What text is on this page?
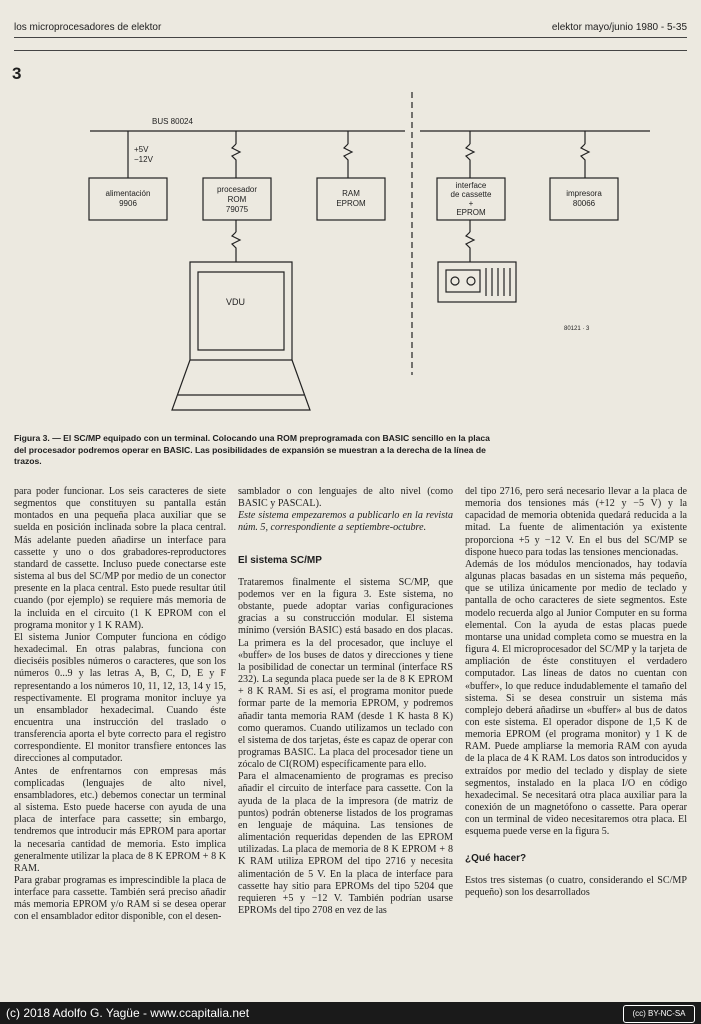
los microprocesadores de elektor	elektor mayo/junio 1980 - 5-35
3
BUS 80024
+5V
−12V
alimentación
9906
procesador
ROM
79075
RAM
EPROM
interface
de cassette
+
EPROM
impresora
80066
VDU
80121 · 3
Figura 3. — El SC/MP equipado con un terminal. Colocando una ROM preprogramada con BASIC sencillo en la placa del procesador podremos operar en BASIC. Las posibilidades de expansión se muestran a la derecha de la línea de trazos.

para poder funcionar. Los seis caracteres de siete segmentos que constituyen su pantalla están montados en una pequeña placa auxiliar que se suelda en posición inclinada sobre la placa central. Más adelante pueden añadirse un interface para cassette y uno o dos grabadores-reproductores standard de cassette. Incluso puede conectarse este sistema al bus del SC/MP por medio de un conector presente en la placa central. Esto puede resultar útil cuando (por ejemplo) se requiere más memoria de la incluida en el circuito (1 K EPROM con el programa monitor y 1 K RAM).

El sistema Junior Computer funciona en código hexadecimal. En otras palabras, funciona con dieciséis posibles números o caracteres, que son los números 0...9 y las letras A, B, C, D, E y F representando a los números 10, 11, 12, 13, 14 y 15, respectivamente. El programa monitor incluye ya un ensamblador hexadecimal. Cuando éste encuentra una instrucción del traslado o transferencia aporta el byte correcto para el registro correspondiente. El monitor transfiere entonces las direcciones al computador.

Antes de enfrentarnos con empresas más complicadas (lenguajes de alto nivel, ensambladores, etc.) debemos conectar un terminal al sistema. Esto puede hacerse con ayuda de una placa de interface para cassette; sin embargo, tendremos que introducir más EPROM para aportar la necesaria cantidad de memoria. Esto implica generalmente utilizar la placa de 8 K EPROM + 8 K RAM.

Para grabar programas es imprescindible la placa de interface para cassette. También será preciso añadir más memoria EPROM y/o RAM si se desea operar con el ensamblador editor disponible, con el desen-

samblador o con lenguajes de alto nivel (como BASIC y PASCAL).

Este sistema empezaremos a publicarlo en la revista núm. 5, correspondiente a septiembre-octubre.

El sistema SC/MP

Trataremos finalmente el sistema SC/MP, que podemos ver en la figura 3. Este sistema, no obstante, puede adoptar varias configuraciones gracias a su construcción modular. El sistema mínimo (versión BASIC) está basado en dos placas. La primera es la del procesador, que incluye el «buffer» de los buses de datos y direcciones y tiene la posibilidad de conectar un terminal (interface RS 232). La segunda placa puede ser la de 8 K EPROM + 8 K RAM. Si es así, el programa monitor puede formar parte de la memoria EPROM, y podremos añadir tanta memoria RAM (desde 1 K hasta 8 K) como queramos. Cuando utilizamos un teclado con el sistema de dos tarjetas, éste es capaz de operar con programas BASIC. La placa del procesador tiene un zócalo de CI(ROM) específicamente para ello.

Para el almacenamiento de programas es preciso añadir el circuito de interface para cassette. Con la ayuda de la placa de la impresora (de matriz de puntos) podrán obtenerse listados de los programas en lenguaje de máquina. Las tensiones de alimentación requeridas dependen de las EPROM utilizadas. La placa de memoria de 8 K EPROM + 8 K RAM utiliza EPROM del tipo 2716 y necesita alimentación de 5 V. En la placa de interface para cassette hay sitio para EPROMs del tipo 5204 que requieren +5 y −12 V. También podrían usarse EPROMs del tipo 2708 en vez de las

del tipo 2716, pero será necesario llevar a la placa de memoria dos tensiones más (+12 y −5 V) y la capacidad de memoria obtenida quedará reducida a la mitad. La fuente de alimentación ya existente proporciona +5 y −12 V. En el bus del SC/MP se dispone hueco para todas las tensiones mencionadas.

Además de los módulos mencionados, hay todavía algunas placas basadas en un sistema más pequeño, que se utiliza únicamente por medio de teclado y pantalla de ocho caracteres de siete segmentos. Este modelo recuerda algo al Junior Computer en su forma elemental. Con la ayuda de estas placas puede montarse una unidad completa como se muestra en la figura 4. El microprocesador del SC/MP y la tarjeta de ampliación de éste constituyen el verdadero computador. Las líneas de datos no cuentan con «buffer», lo que reduce indudablemente el tamaño del sistema. Si se desea construir un sistema más complejo deberá añadirse un «buffer» al bus de datos con este sistema. El operador dispone de 1,5 K de memoria EPROM (el programa monitor) y 1 K de RAM. Puede ampliarse la memoria RAM con ayuda de la placa de 4 K RAM. Los datos son introducidos y extraídos por medio del teclado y display de siete segmentos, instalado en la placa I/O en código hexadecimal. Se necesitará otra placa auxiliar para la conexión de un magnetófono o cassette. Para operar con un terminal de video necesitaremos otra placa. El esquema puede verse en la figura 5.

¿Qué hacer?

Estos tres sistemas (o cuatro, considerando el SC/MP pequeño) son los desarrollados

(c) 2018 Adolfo G. Yagüe - www.ccapitalia.net	(cc) BY-NC-SA
